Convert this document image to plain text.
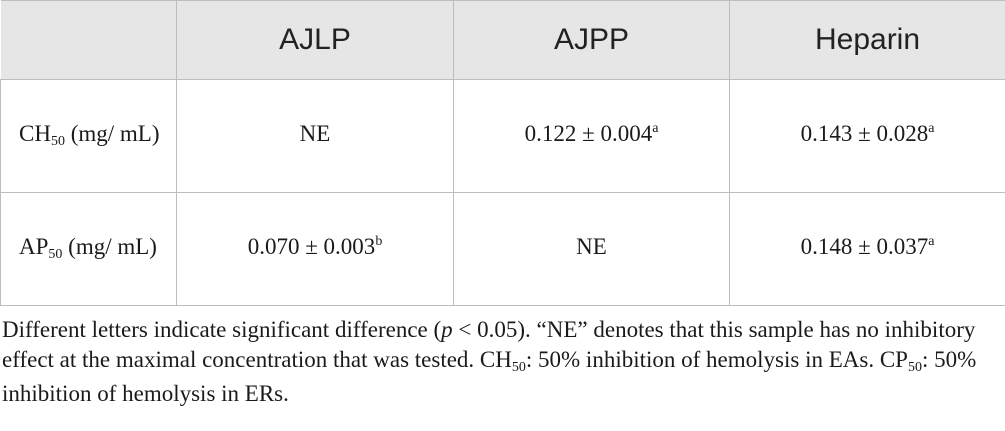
	AJLP	AJPP	Heparin
$CH_{50}$ (mg/ mL)	NE	0.122 ± 0.004$^a$	0.143 ± 0.028$^a$
$AP_{50}$ (mg/ mL)	0.070 ± 0.003$^b$	NE	0.148 ± 0.037$^a$
Different letters indicate significant difference (p < 0.05). “NE” denotes that this sample has no inhibitory effect at the maximal concentration that was tested. $CH_{50}$: 50% inhibition of hemolysis in EAs. $CP_{50}$: 50% inhibition of hemolysis in ERs.
